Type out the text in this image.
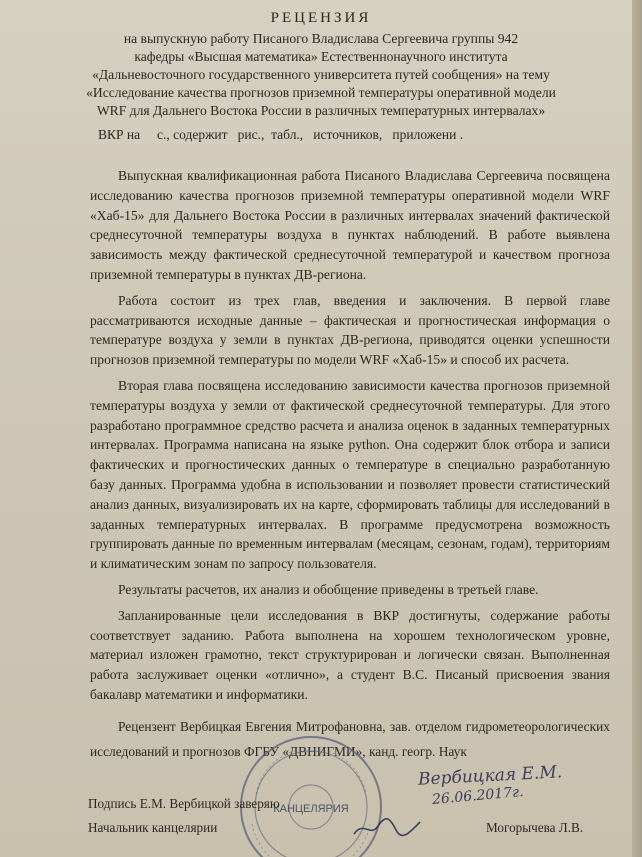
РЕЦЕНЗИЯ
на выпускную работу Писаного Владислава Сергеевича группы 942
кафедры «Высшая математика» Естественнонаучного института
«Дальневосточного государственного университета путей сообщения» на тему
«Исследование качества прогнозов приземной температуры оперативной модели
WRF для Дальнего Востока России в различных температурных интервалах»
ВКР на     с., содержит   рис.,  табл.,   источников,   приложени .

Выпускная квалификационная работа Писаного Владислава Сергеевича посвящена исследованию качества прогнозов приземной температуры оперативной модели WRF «Хаб-15» для Дальнего Востока России в различных интервалах значений фактической среднесуточной температуры воздуха в пунктах наблюдений. В работе выявлена зависимость между фактической среднесуточной температурой и качеством прогноза приземной температуры в пунктах ДВ-региона.

Работа состоит из трех глав, введения и заключения. В первой главе рассматриваются исходные данные – фактическая и прогностическая информация о температуре воздуха у земли в пунктах ДВ-региона, приводятся оценки успешности прогнозов приземной температуры по модели WRF «Хаб-15» и способ их расчета.

Вторая глава посвящена исследованию зависимости качества прогнозов приземной температуры воздуха у земли от фактической среднесуточной температуры. Для этого разработано программное средство расчета и анализа оценок в заданных температурных интервалах. Программа написана на языке python. Она содержит блок отбора и записи фактических и прогностических данных о температуре в специально разработанную базу данных. Программа удобна в использовании и позволяет провести статистический анализ данных, визуализировать их на карте, сформировать таблицы для исследований в заданных температурных интервалах. В программе предусмотрена возможность группировать данные по временным интервалам (месяцам, сезонам, годам), территориям и климатическим зонам по запросу пользователя.

Результаты расчетов, их анализ и обобщение приведены в третьей главе.

Запланированные цели исследования в ВКР достигнуты, содержание работы соответствует заданию. Работа выполнена на хорошем технологическом уровне, материал изложен грамотно, текст структурирован и логически связан. Выполненная работа заслуживает оценки «отлично», а студент В.С. Писаный присвоения звания бакалавр математики и информатики.

Рецензент Вербицкая Евгения Митрофановна, зав. отделом гидрометеорологических исследований и прогнозов ФГБУ «ДВНИГМИ», канд. геогр. Наук
КАНЦЕЛЯРИЯ
Вербицкая Е.М.
26.06.2017г.
Подпись Е.М. Вербицкой заверяю
Начальник канцелярии	Могорычева Л.В.
